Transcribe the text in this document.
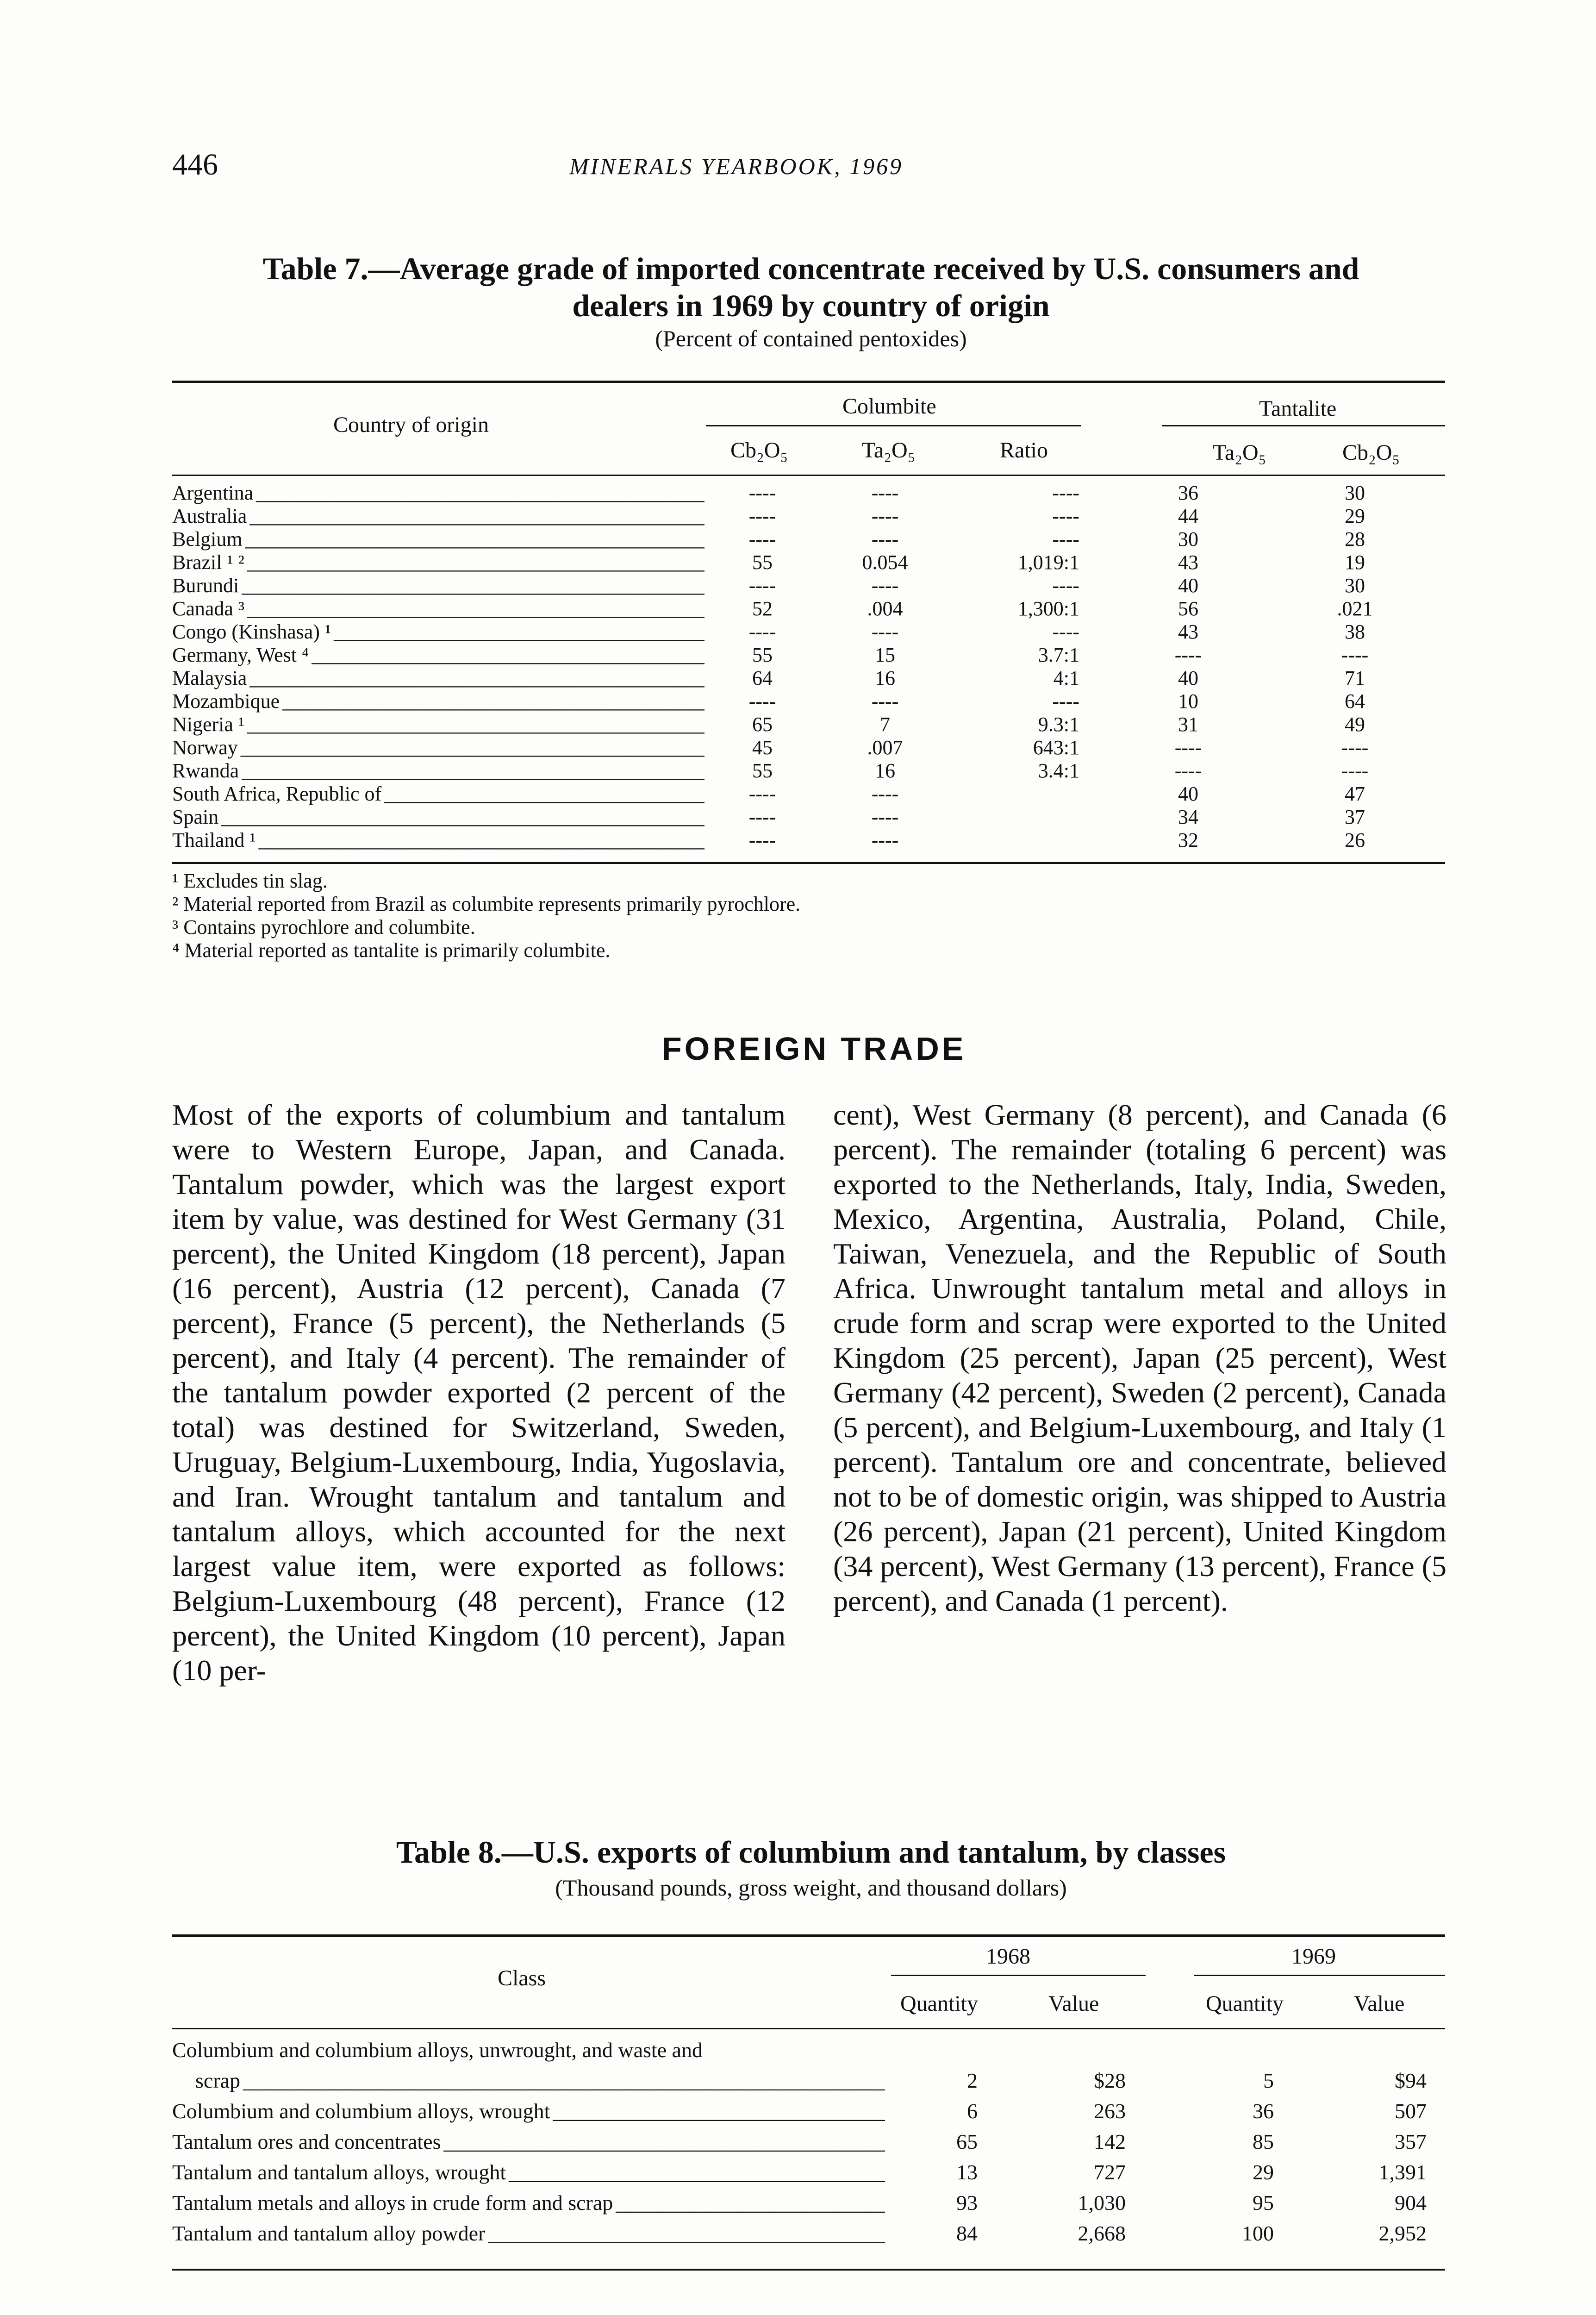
446	MINERALS YEARBOOK, 1969
Table 7.—Average grade of imported concentrate received by U.S. consumers and
dealers in 1969 by country of origin
(Percent of contained pentoxides)
Country of origin
Columbite	Tantalite
Cb₂O₅	Ta₂O₅	Ratio	Ta₂O₅	Cb₂O₅
Argentina _____	----	----	----	36	30
Australia _____	----	----	----	44	29
Belgium _____	----	----	----	30	28
Brazil ¹ ² _____	55	0.054	1,019:1	43	19
Burundi _____	----	----	----	40	30
Canada ³ _____	52	.004	1,300:1	56	.021
Congo (Kinshasa) ¹ _____	----	----	----	43	38
Germany, West ⁴ _____	55	15	3.7:1	----	----
Malaysia _____	64	16	4:1	40	71
Mozambique _____	----	----	----	10	64
Nigeria ¹ _____	65	7	9.3:1	31	49
Norway _____	45	.007	643:1	----	----
Rwanda _____	55	16	3.4:1	----	----
South Africa, Republic of _____	----	----		40	47
Spain _____	----	----		34	37
Thailand ¹ _____	----	----		32	26
¹ Excludes tin slag.
² Material reported from Brazil as columbite represents primarily pyrochlore.
³ Contains pyrochlore and columbite.
⁴ Material reported as tantalite is primarily columbite.
FOREIGN TRADE
Most of the exports of columbium and tantalum were to Western Europe, Japan, and Canada. Tantalum powder, which was the largest export item by value, was destined for West Germany (31 percent), the United Kingdom (18 percent), Japan (16 percent), Austria (12 percent), Canada (7 percent), France (5 percent), the Netherlands (5 percent), and Italy (4 percent). The remainder of the tantalum powder exported (2 percent of the total) was destined for Switzerland, Sweden, Uruguay, Belgium-Luxembourg, India, Yugoslavia, and Iran. Wrought tantalum and tantalum and tantalum alloys, which accounted for the next largest value item, were exported as follows: Belgium-Luxembourg (48 percent), France (12 percent), the United Kingdom (10 percent), Japan (10 per-
cent), West Germany (8 percent), and Canada (6 percent). The remainder (totaling 6 percent) was exported to the Netherlands, Italy, India, Sweden, Mexico, Argentina, Australia, Poland, Chile, Taiwan, Venezuela, and the Republic of South Africa. Unwrought tantalum metal and alloys in crude form and scrap were exported to the United Kingdom (25 percent), Japan (25 percent), West Germany (42 percent), Sweden (2 percent), Canada (5 percent), and Belgium-Luxembourg, and Italy (1 percent). Tantalum ore and concentrate, believed not to be of domestic origin, was shipped to Austria (26 percent), Japan (21 percent), United Kingdom (34 percent), West Germany (13 percent), France (5 percent), and Canada (1 percent).
Table 8.—U.S. exports of columbium and tantalum, by classes
(Thousand pounds, gross weight, and thousand dollars)
Class
1968	1969
Quantity	Value	Quantity	Value
Columbium and columbium alloys, unwrought, and waste and				
scrap _____	2	$28	5	$94
Columbium and columbium alloys, wrought _____	6	263	36	507
Tantalum ores and concentrates _____	65	142	85	357
Tantalum and tantalum alloys, wrought _____	13	727	29	1,391
Tantalum metals and alloys in crude form and scrap _____	93	1,030	95	904
Tantalum and tantalum alloy powder _____	84	2,668	100	2,952
